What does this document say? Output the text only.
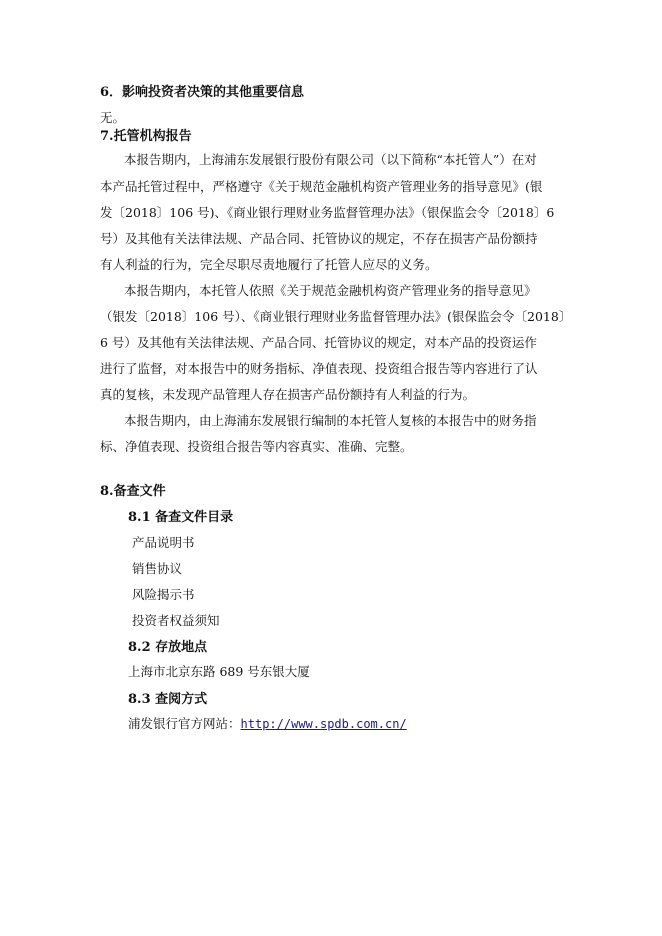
6．影响投资者决策的其他重要信息
无。
7.托管机构报告
本报告期内，上海浦东发展银行股份有限公司（以下简称“本托管人”）在对
本产品托管过程中，严格遵守《关于规范金融机构资产管理业务的指导意见》(银
发〔2018〕106 号)、《商业银行理财业务监督管理办法》（银保监会令〔2018〕6
号）及其他有关法律法规、产品合同、托管协议的规定，不存在损害产品份额持
有人利益的行为，完全尽职尽责地履行了托管人应尽的义务。
本报告期内，本托管人依照《关于规范金融机构资产管理业务的指导意见》
（银发〔2018〕106 号）、《商业银行理财业务监督管理办法》(银保监会令〔2018〕
6 号）及其他有关法律法规、产品合同、托管协议的规定，对本产品的投资运作
进行了监督，对本报告中的财务指标、净值表现、投资组合报告等内容进行了认
真的复核，未发现产品管理人存在损害产品份额持有人利益的行为。
本报告期内，由上海浦东发展银行编制的本托管人复核的本报告中的财务指
标、净值表现、投资组合报告等内容真实、准确、完整。
8.备查文件
8.1 备查文件目录
产品说明书
销售协议
风险揭示书
投资者权益须知
8.2 存放地点
上海市北京东路 689 号东银大厦
8.3 查阅方式
浦发银行官方网站：http://www.spdb.com.cn/
